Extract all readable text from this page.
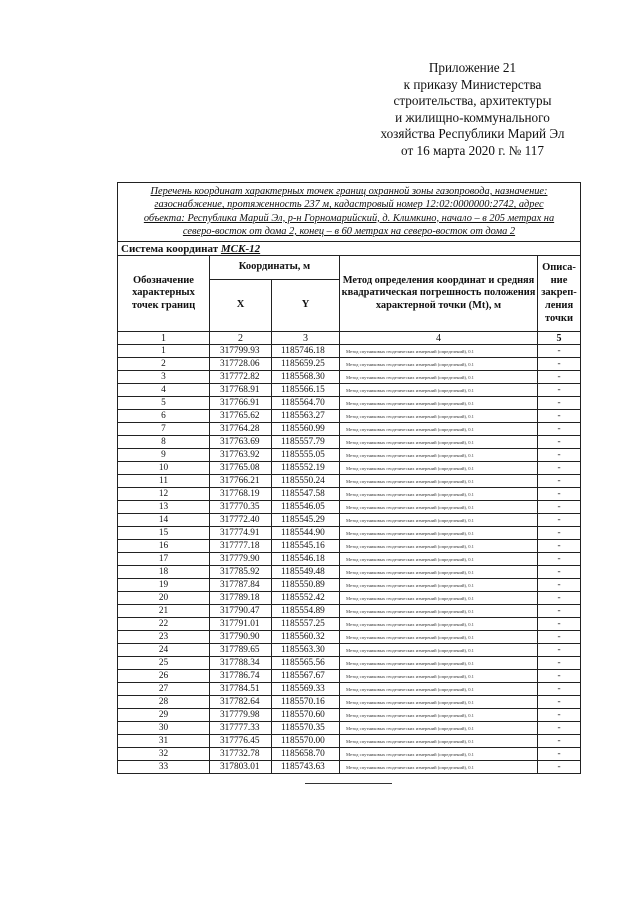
Приложение 21
к приказу Министерства
строительства, архитектуры
и жилищно-коммунального
хозяйства Республики Марий Эл
от 16 марта 2020 г. № 117
Перечень координат характерных точек границ охранной зоны газопровода, назначение:
газоснабжение, протяженность 237 м, кадастровый номер 12:02:0000000:2742, адрес
объекта: Республика Марий Эл, р-н Горномарийский, д. Климкино, начало – в 205 метрах на
северо-восток от дома 2, конец – в 60 метрах на северо-восток от дома 2				

Система координат МСК-12				
Обозначение характерных точек границ	Координаты, м		Метод определения координат и средняя квадратическая погрешность положения характерной точки (Mt), м	Описа-ние закреп-ления точки
	X	Y		
1	2	3	4	5
1	317799.93	1185746.18	Метод спутниковых геодезических измерений (определений), 0.1	-
2	317728.06	1185659.25	Метод спутниковых геодезических измерений (определений), 0.1	-
3	317772.82	1185568.30	Метод спутниковых геодезических измерений (определений), 0.1	-
4	317768.91	1185566.15	Метод спутниковых геодезических измерений (определений), 0.1	-
5	317766.91	1185564.70	Метод спутниковых геодезических измерений (определений), 0.1	-
6	317765.62	1185563.27	Метод спутниковых геодезических измерений (определений), 0.1	-
7	317764.28	1185560.99	Метод спутниковых геодезических измерений (определений), 0.1	-
8	317763.69	1185557.79	Метод спутниковых геодезических измерений (определений), 0.1	-
9	317763.92	1185555.05	Метод спутниковых геодезических измерений (определений), 0.1	-
10	317765.08	1185552.19	Метод спутниковых геодезических измерений (определений), 0.1	-
11	317766.21	1185550.24	Метод спутниковых геодезических измерений (определений), 0.1	-
12	317768.19	1185547.58	Метод спутниковых геодезических измерений (определений), 0.1	-
13	317770.35	1185546.05	Метод спутниковых геодезических измерений (определений), 0.1	-
14	317772.40	1185545.29	Метод спутниковых геодезических измерений (определений), 0.1	-
15	317774.91	1185544.90	Метод спутниковых геодезических измерений (определений), 0.1	-
16	317777.18	1185545.16	Метод спутниковых геодезических измерений (определений), 0.1	-
17	317779.90	1185546.18	Метод спутниковых геодезических измерений (определений), 0.1	-
18	317785.92	1185549.48	Метод спутниковых геодезических измерений (определений), 0.1	-
19	317787.84	1185550.89	Метод спутниковых геодезических измерений (определений), 0.1	-
20	317789.18	1185552.42	Метод спутниковых геодезических измерений (определений), 0.1	-
21	317790.47	1185554.89	Метод спутниковых геодезических измерений (определений), 0.1	-
22	317791.01	1185557.25	Метод спутниковых геодезических измерений (определений), 0.1	-
23	317790.90	1185560.32	Метод спутниковых геодезических измерений (определений), 0.1	-
24	317789.65	1185563.30	Метод спутниковых геодезических измерений (определений), 0.1	-
25	317788.34	1185565.56	Метод спутниковых геодезических измерений (определений), 0.1	-
26	317786.74	1185567.67	Метод спутниковых геодезических измерений (определений), 0.1	-
27	317784.51	1185569.33	Метод спутниковых геодезических измерений (определений), 0.1	-
28	317782.64	1185570.16	Метод спутниковых геодезических измерений (определений), 0.1	-
29	317779.98	1185570.60	Метод спутниковых геодезических измерений (определений), 0.1	-
30	317777.33	1185570.35	Метод спутниковых геодезических измерений (определений), 0.1	-
31	317776.45	1185570.00	Метод спутниковых геодезических измерений (определений), 0.1	-
32	317732.78	1185658.70	Метод спутниковых геодезических измерений (определений), 0.1	-
33	317803.01	1185743.63	Метод спутниковых геодезических измерений (определений), 0.1	-
